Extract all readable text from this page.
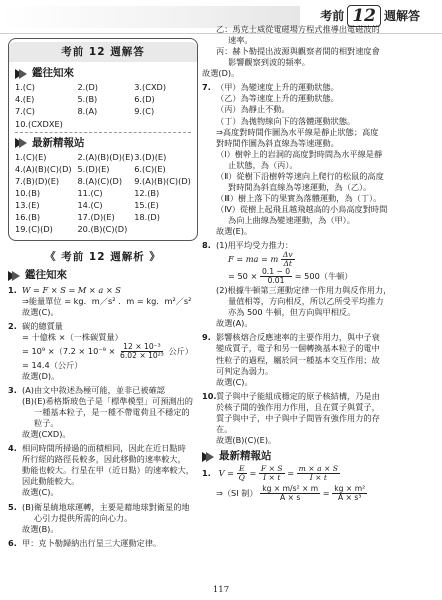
考前 12 週解答
考前 12 週解答
鑑往知來
1.(C)	2.(D)	3.(CXD)
4.(E)	5.(B)	6.(D)
7.(C)	8.(A)	9.(C)
10.(CXDXE)
最新精報站
1.(C)(E)	2.(A)(B)(D)(E) 3.(D)(E)
4.(A)(B)(C)(D) 5.(D)(E)	6.(C)(E)
7.(B)(D)(E)	8.(A)(C)(D)	9.(A)(B)(C)(D)
10.(B)	11.(C)	12.(B)
13.(E)	14.(C)	15.(E)
16.(B)	17.(D)(E)	18.(D)
19.(C)(D)	20.(B)(C)(D)
《 考前 12 週解析 》
鑑往知來
1. W = F × S = M × a × S
⇒能量單位 = kg．m／s² ．m = kg．m²／s²
故選(C)。
2. 碳的總質量
= 十億株 ×（一株碳質量）
= $10^9 \times(7.2 \times 10^{-9} \times \frac{\text{12 × 10⁻³}}{\text{6.02 × 10²³}}$ 公斤）
= 14.4（公斤）
故選(D)。
3. (A)由文中敘述為極可能，並非已被確認
(B)(E)希格斯玻色子是「標準模型」可預測出的
一種基本粒子，是一種不帶電荷且不穩定的
粒子。
故選(CXD)。
4. 相同時間所掃過的面積相同，因此在近日點時
所行經的路徑長較多，因此移動的速率較大，
動能也較大。行星在甲（近日點）的速率較大，
因此動能較大。
故選(C)。
5. (B)衛星繞地球運轉，主要是藉地球對衛星的地
心引力提供所需的向心力。
故選(B)。
6. 甲：克卜勒歸納出行星三大運動定律。
乙：馬克士威從電磁場方程式推導出電磁波的
速率。
丙：赫卜勒提出波源與觀察者間的相對速度會
影響觀察到波的頻率。
故選(D)。
7. （甲）為變速度上升的運動狀態。
（乙）為等速度上升的運動狀態。
（丙）為靜止不動。
（丁）為拋物線向下的落體運動狀態。
⇒高度對時間作圖為水平線是靜止狀態；高度
對時間作圖為斜直線為等速運動。
（Ⅰ）樹幹上的岩洞的高度對時間為水平線是靜
止狀態，為（丙）。
（Ⅱ）從樹下沿樹幹等速向上爬行的松鼠的高度
對時間為斜直線為等速運動，為（乙）。
（Ⅲ）樹上落下的果實為落體運動，為（丁）。
（Ⅳ）從樹上起飛且越飛越高的小鳥高度對時間
為向上曲線為變速運動，為（甲）。
故選(E)。
8. (1)用平均受力推力：
F = ma = m $\frac{\Delta v}{\Delta t}$
= $50 \times \frac{0.1 - 0}{0.01} = 500$（牛頓）
(2)根據牛頓第三運動定律一作用力與反作用力，
量值相等，方向相反，所以乙所受平均推力
亦為 500 牛頓，但方向與甲相反。
故選(A)。
9. 影響核熔合反應速率的主要作用力，與中子衰
變成質子，電子和另一個轉換基本粒子的電中
性粒子的過程，屬於同一種基本交互作用；故
可判定為弱力。
故選(C)。
10.質子與中子能組成穩定的原子核結構，乃是由
於核子間的強作用力作用，且在質子與質子，
質子與中子，中子與中子間皆有強作用力的存
在。
故選(B)(C)(E)。
最新精報站
1. $V = \frac{E}{Q} = \frac{F \times S}{I \times t} = \frac{m \times a \times S}{I \times t}$
⇒（SI 制） $\frac{\text{kg × m/s² × m}}{A \times s} = \frac{\text{kg × m²}}{\text{A × s³}}$
117
